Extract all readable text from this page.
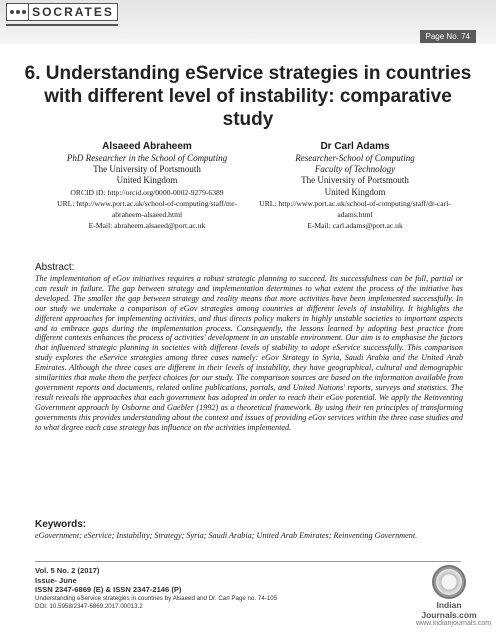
SOCRATES
Page No. 74
6. Understanding eService strategies in countries with different level of instability: comparative study
Alsaeed Abraheem
PhD Researcher in the School of Computing
The University of Portsmouth
United Kingdom
ORCID iD: http://orcid.org/0000-0002-9279-6389
URL: http://www.port.ac.uk/school-of-computing/staff/mr-abraheem-alsaeed.html
E-Mail: abraheem.alsaeed@port.ac.uk
Dr Carl Adams
Researcher-School of Computing
Faculty of Technology
The University of Portsmouth
United Kingdom
URL: http://www.port.ac.uk/school-of-computing/staff/dr-carl-adams.html
E-Mail: carl.adams@port.ac.uk
Abstract:

The implementation of eGov initiatives requires a robust strategic planning to succeed. Its successfulness can be full, partial or can result in failure. The gap between strategy and implementation determines to what extent the process of the initiative has developed. The smaller the gap between strategy and reality means that more activities have been implemented successfully. In our study we undertake a comparison of eGov strategies among countries at different levels of instability. It highlights the different approaches for implementing activities, and thus directs policy makers in highly unstable societies to important aspects and to embrace gaps during the implementation process. Consequently, the lessons learned by adopting best practice from different contexts enhances the process of activities' development in an unstable environment. Our aim is to emphasise the factors that influenced strategic planning in societies with different levels of stability to adopt eService successfully. This comparison study explores the eService strategies among three cases namely: eGov Strategy in Syria, Saudi Arabia and the United Arab Emirates. Although the three cases are different in their levels of instability, they have geographical, cultural and demographic similarities that make them the perfect choices for our study. The comparison sources are based on the information available from government reports and documents, related online publications, portals, and United Nations' reports, surveys and statistics. The result reveals the approaches that each government has adopted in order to reach their eGov potential. We apply the Reinventing Government approach by Osborne and Gaebler (1992) as a theoretical framework. By using their ten principles of transforming governments this provides understanding about the context and issues of providing eGov services within the three case studies and to what degree each case strategy has influence on the activities implemented.

Keywords:

eGovernment; eService; Instability; Strategy; Syria; Saudi Arabia; United Arab Emirates; Reinventing Government.

Vol. 5 No. 2 (2017)
Issue- June
ISSN 2347-6869 (E) & ISSN 2347-2146 (P)
Understanding eService strategies in countries by Alsaeed and Dr. Carl Page no. 74-105
DOI: 10.5958/2347-6869.2017.00013.2	Indian Journals.com
www.indianjournals.com
